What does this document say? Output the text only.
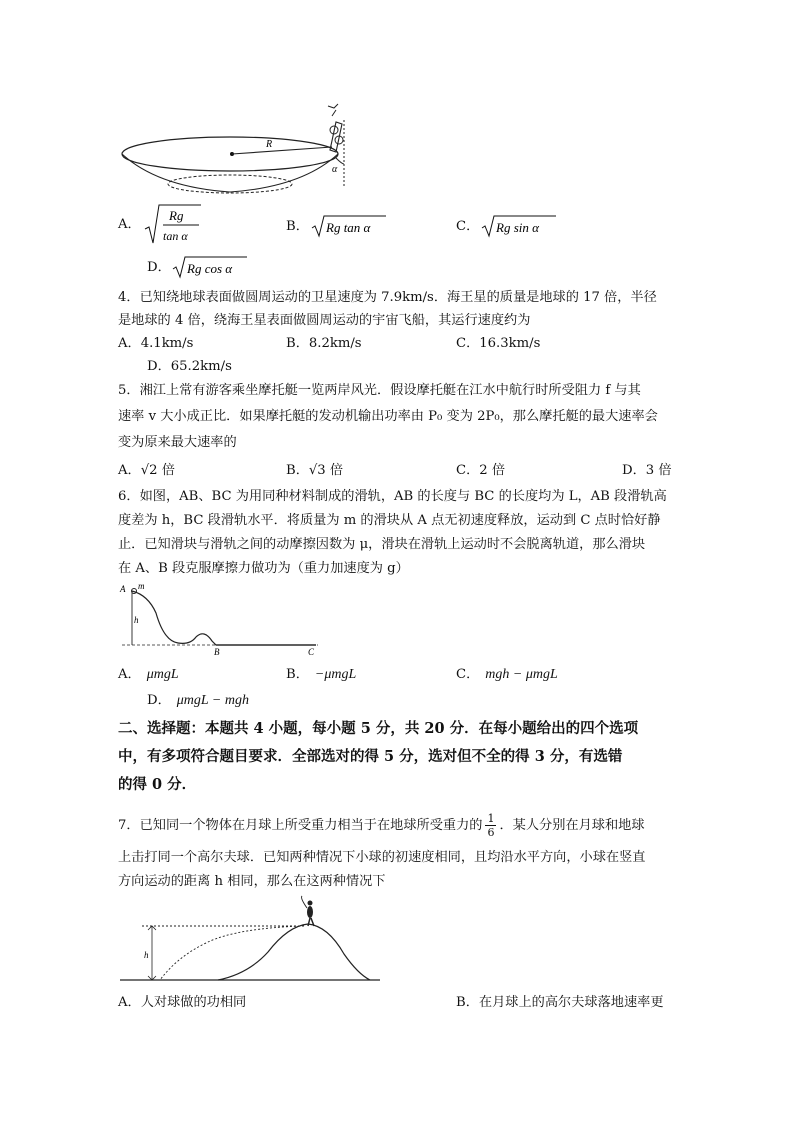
R
α
A．
Rg
tan α
B． Rg tan α	C． Rg sin α
D． Rg cos α
4．已知绕地球表面做圆周运动的卫星速度为 7.9km/s．海王星的质量是地球的 17 倍，半径
是地球的 4 倍，绕海王星表面做圆周运动的宇宙飞船，其运行速度约为
A．4.1km/s	B．8.2km/s	C．16.3km/s
D．65.2km/s
5．湘江上常有游客乘坐摩托艇一览两岸风光．假设摩托艇在江水中航行时所受阻力 f 与其
速率 v 大小成正比．如果摩托艇的发动机输出功率由 P₀ 变为 2P₀，那么摩托艇的最大速率会
变为原来最大速率的
A．√2 倍	B．√3 倍	C．2 倍	D．3 倍
6．如图，AB、BC 为用同种材料制成的滑轨，AB 的长度与 BC 的长度均为 L，AB 段滑轨高
度差为 h，BC 段滑轨水平．将质量为 m 的滑块从 A 点无初速度释放，运动到 C 点时恰好静
止．已知滑块与滑轨之间的动摩擦因数为 μ，滑块在滑轨上运动时不会脱离轨道，那么滑块
在 A、B 段克服摩擦力做功为（重力加速度为 g）
A m
h
B	C
A． μmgL	B． −μmgL	C． mgh − μmgL
D． μmgL − mgh
二、选择题：本题共 4 小题，每小题 5 分，共 20 分．在每小题给出的四个选项
中，有多项符合题目要求．全部选对的得 5 分，选对但不全的得 3 分，有选错
的得 0 分．
7．已知同一个物体在月球上所受重力相当于在地球所受重力的 $\frac{1}{6}$ ．某人分别在月球和地球
上击打同一个高尔夫球．已知两种情况下小球的初速度相同，且均沿水平方向，小球在竖直
方向运动的距离 h 相同，那么在这两种情况下
h
A．人对球做的功相同	B．在月球上的高尔夫球落地速率更
